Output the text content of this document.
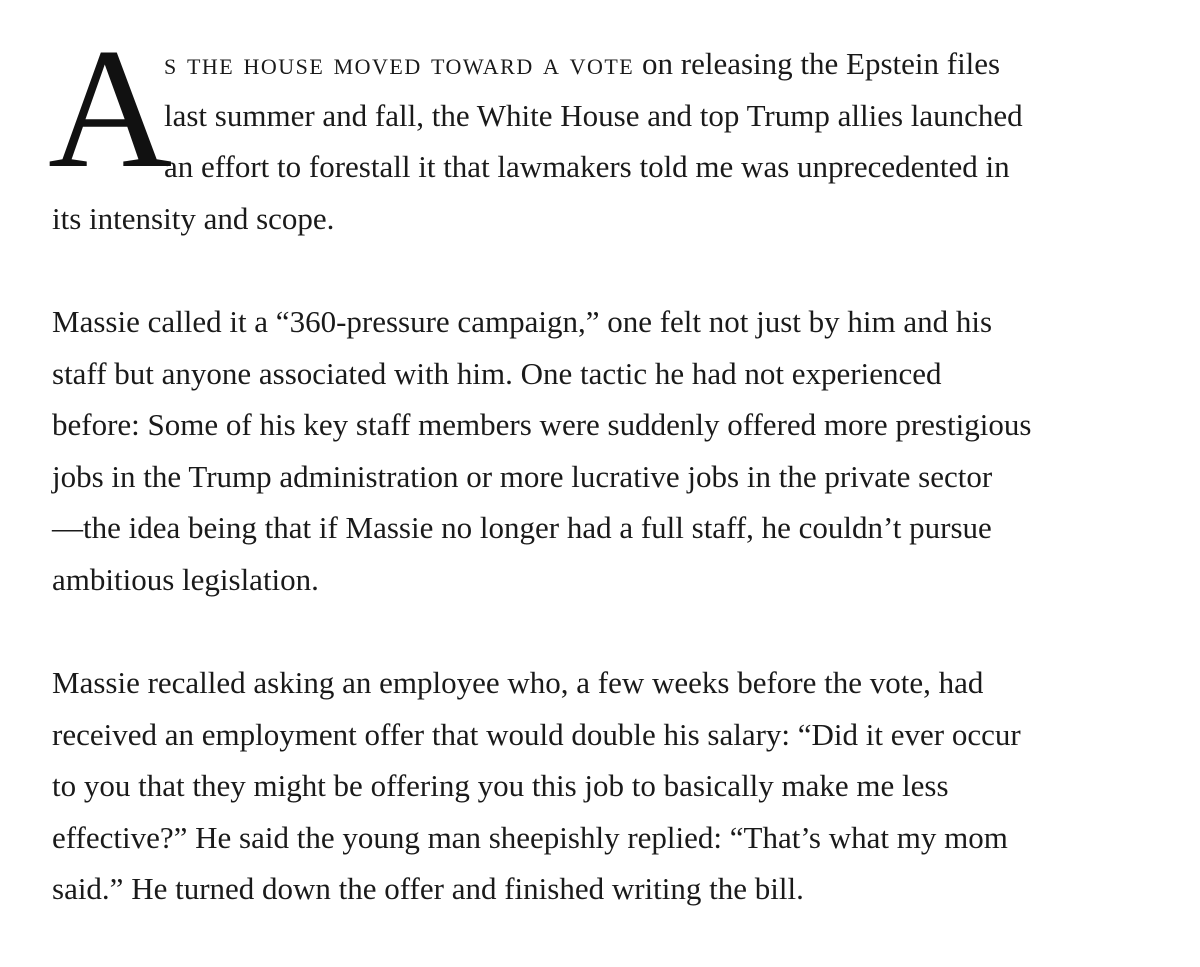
A
s the house moved toward a vote on releasing the Epstein files
last summer and fall, the White House and top Trump allies launched
an effort to forestall it that lawmakers told me was unprecedented in
its intensity and scope.
Massie called it a “360-pressure campaign,” one felt not just by him and his
staff but anyone associated with him. One tactic he had not experienced
before: Some of his key staff members were suddenly offered more prestigious
jobs in the Trump administration or more lucrative jobs in the private sector
—the idea being that if Massie no longer had a full staff, he couldn’t pursue
ambitious legislation.
Massie recalled asking an employee who, a few weeks before the vote, had
received an employment offer that would double his salary: “Did it ever occur
to you that they might be offering you this job to basically make me less
effective?” He said the young man sheepishly replied: “That’s what my mom
said.” He turned down the offer and finished writing the bill.
